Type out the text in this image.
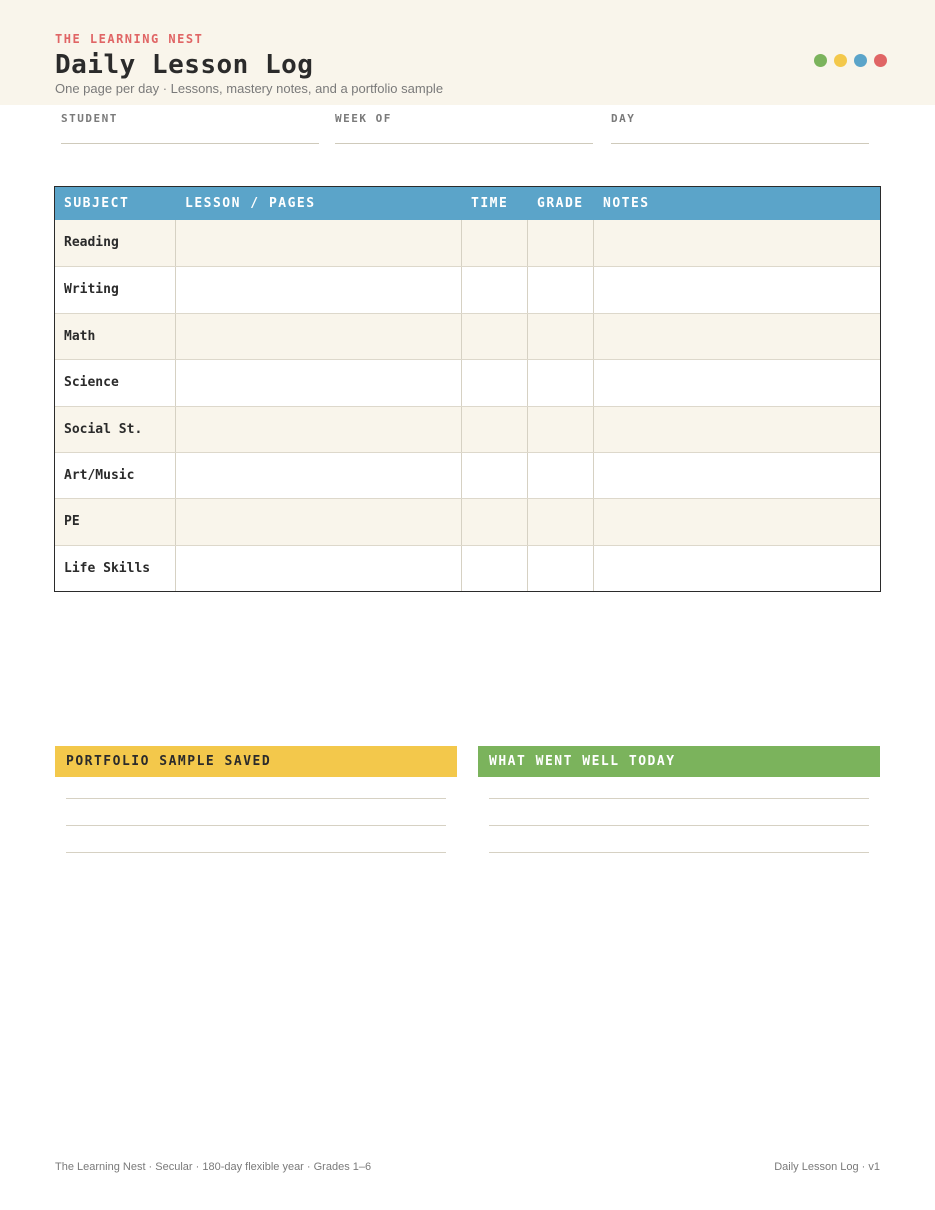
THE LEARNING NEST
Daily Lesson Log
One page per day · Lessons, mastery notes, and a portfolio sample
STUDENT	WEEK OF	DAY
SUBJECT	LESSON / PAGES	TIME	GRADE	NOTES
Reading
Writing
Math
Science
Social St.
Art/Music
PE
Life Skills
PORTFOLIO SAMPLE SAVED	WHAT WENT WELL TODAY
The Learning Nest · Secular · 180-day flexible year · Grades 1–6	Daily Lesson Log · v1
